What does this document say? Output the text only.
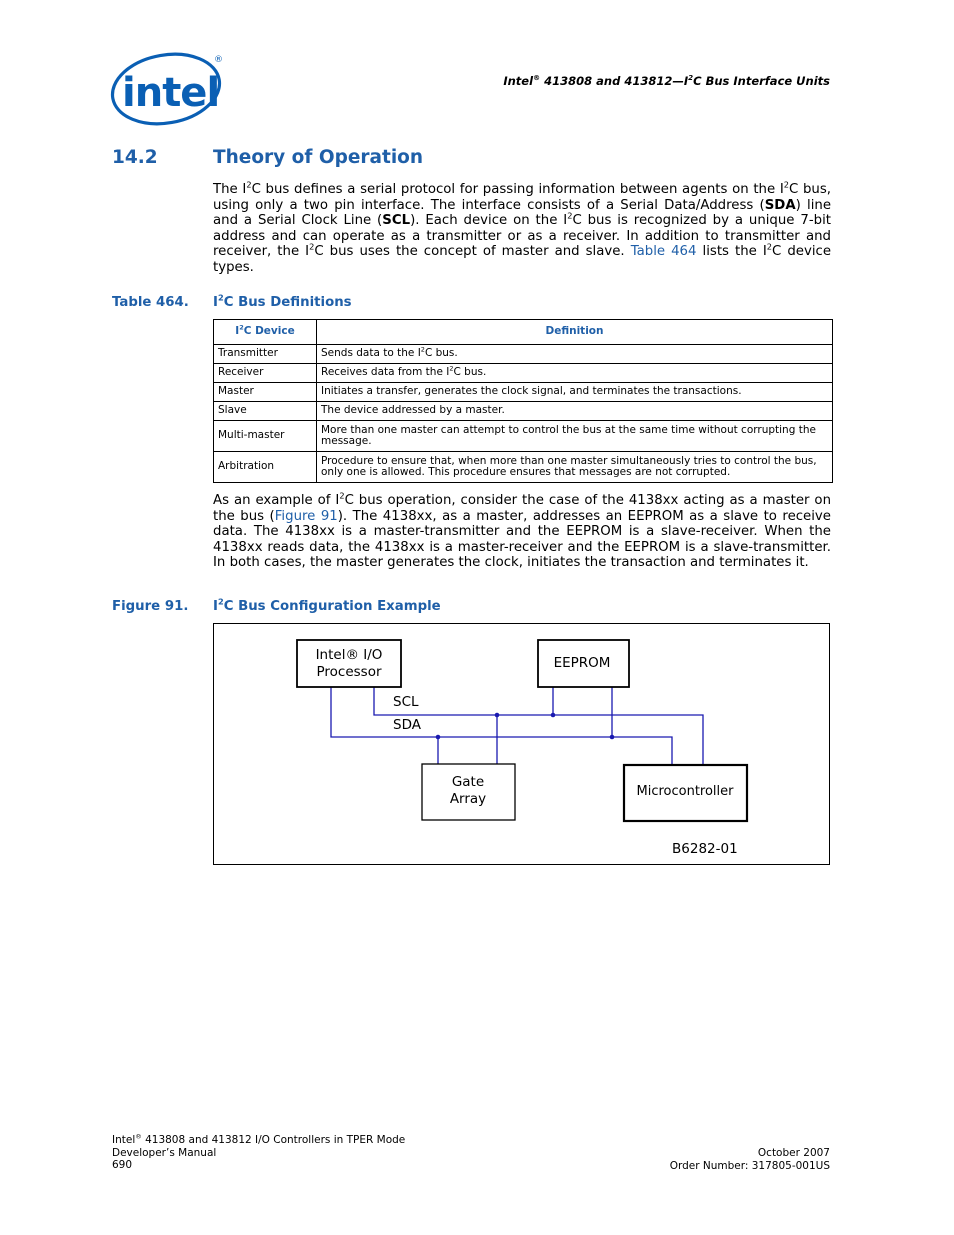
intel
®
Intel® 413808 and $413812—I^2C$ Bus Interface Units
14.2	Theory of Operation

The $I^2C$ bus defines a serial protocol for passing information between agents on the $I^2C$ bus, using only a two pin interface. The interface consists of a Serial Data/Address (SDA) line and a Serial Clock Line (SCL). Each device on the $I^2C$ bus is recognized by a unique 7-bit address and can operate as a transmitter or as a receiver. In addition to transmitter and receiver, the $I^2C$ bus uses the concept of master and slave. Table 464 lists the $I^2C$ device types.

Table 464. $I^2C$ Bus Definitions
$I^2C$ Device	Definition
Transmitter	Sends data to the $I^2C$ bus.
Receiver	Receives data from the $I^2C$ bus.
Master	Initiates a transfer, generates the clock signal, and terminates the transactions.
Slave	The device addressed by a master.
Multi-master	More than one master can attempt to control the bus at the same time without corrupting the message.
Arbitration	Procedure to ensure that, when more than one master simultaneously tries to control the bus, only one is allowed. This procedure ensures that messages are not corrupted.

As an example of $I^2C$ bus operation, consider the case of the 4138xx acting as a master on the bus (Figure 91). The 4138xx, as a master, addresses an EEPROM as a slave to receive data. The 4138xx is a master-transmitter and the EEPROM is a slave-receiver. When the 4138xx reads data, the 4138xx is a master-receiver and the EEPROM is a slave-transmitter. In both cases, the master generates the clock, initiates the transaction and terminates it.

Figure 91. $I^2C$ Bus Configuration Example
Intel® I/O
Processor
EEPROM
SCL
SDA
Gate
Array	Microcontroller
B6282-01
Intel® 413808 and 413812 I/O Controllers in TPER Mode
Developer’s Manual
690
October 2007
Order Number: 317805-001US
